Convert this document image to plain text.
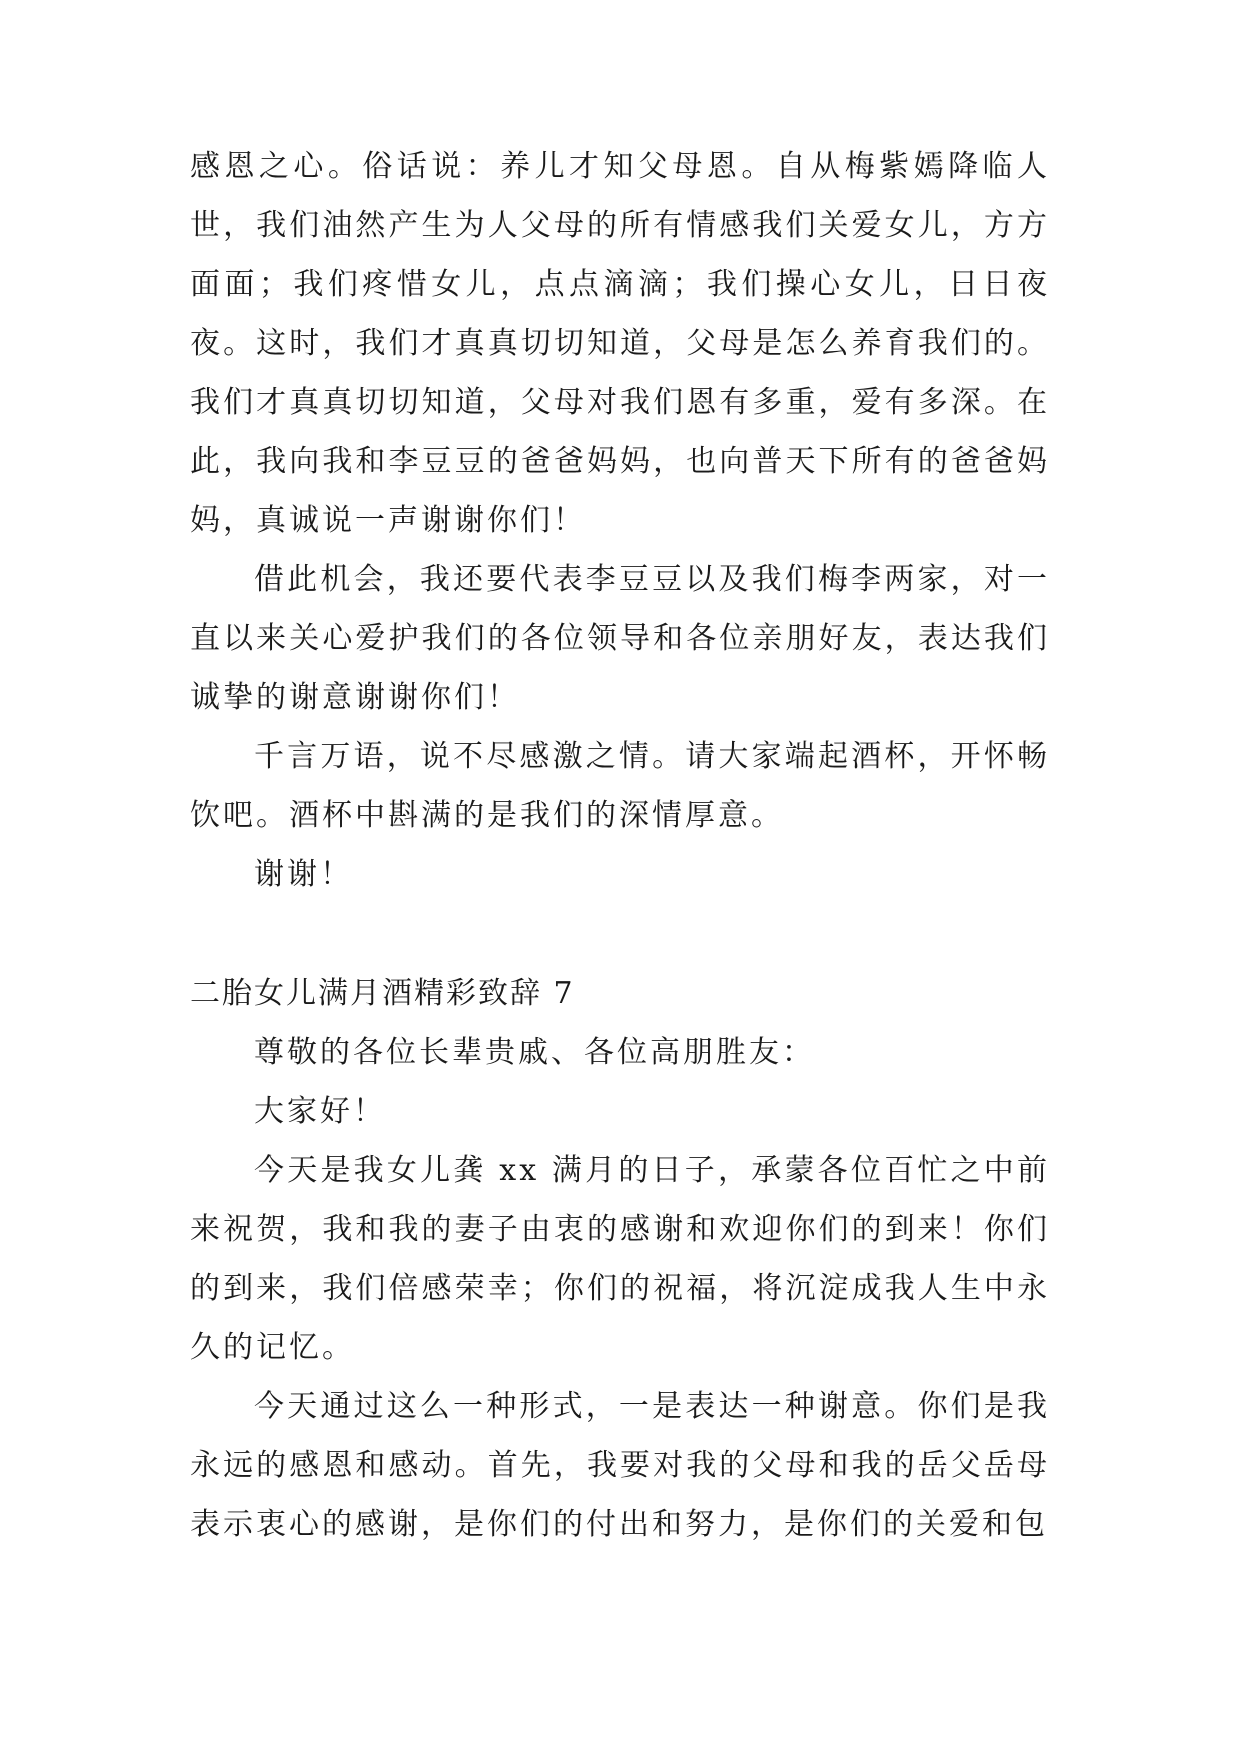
感恩之心。俗话说：养儿才知父母恩。自从梅紫嫣降临人世，我们油然产生为人父母的所有情感我们关爱女儿，方方面面；我们疼惜女儿，点点滴滴；我们操心女儿，日日夜夜。这时，我们才真真切切知道，父母是怎么养育我们的。我们才真真切切知道，父母对我们恩有多重，爱有多深。在此，我向我和李豆豆的爸爸妈妈，也向普天下所有的爸爸妈妈，真诚说一声谢谢你们！

借此机会，我还要代表李豆豆以及我们梅李两家，对一直以来关心爱护我们的各位领导和各位亲朋好友，表达我们诚挚的谢意谢谢你们！

千言万语，说不尽感激之情。请大家端起酒杯，开怀畅饮吧。酒杯中斟满的是我们的深情厚意。

谢谢！

二胎女儿满月酒精彩致辞 7

尊敬的各位长辈贵戚、各位高朋胜友：

大家好！

今天是我女儿龚 xx 满月的日子，承蒙各位百忙之中前来祝贺，我和我的妻子由衷的感谢和欢迎你们的到来！你们的到来，我们倍感荣幸；你们的祝福，将沉淀成我人生中永久的记忆。

今天通过这么一种形式，一是表达一种谢意。你们是我永远的感恩和感动。首先，我要对我的父母和我的岳父岳母表示衷心的感谢，是你们的付出和努力，是你们的关爱和包
